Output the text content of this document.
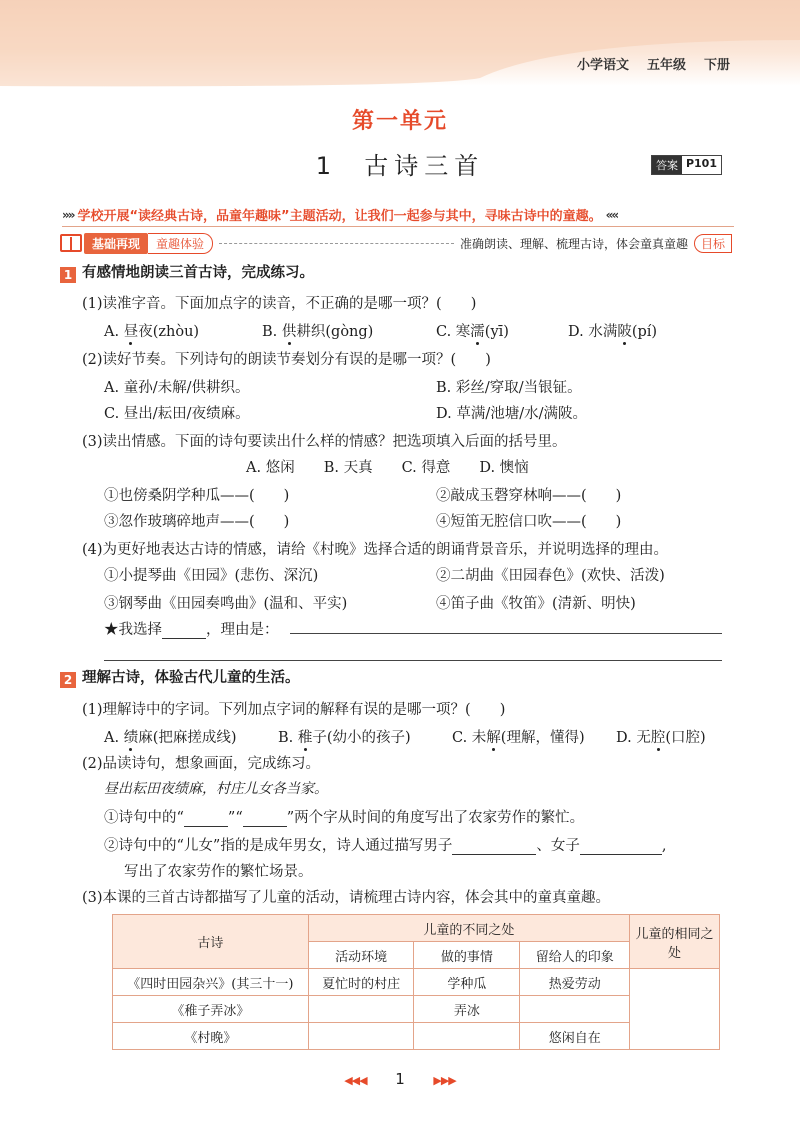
小学语文 五年级 下册
第一单元
1 古诗三首	答案 P101
»» 学校开展“读经典古诗，品童年趣味”主题活动，让我们一起参与其中，寻味古诗中的童趣。 ««
基础再现	童趣体验	准确朗读、理解、梳理古诗，体会童真童趣	目标
1 有感情地朗读三首古诗，完成练习。
(1)读准字音。下面加点字的读音，不正确的是哪一项？(　　)
A. 昼夜(zhòu)	B. 供耕织(gòng)	C. 寒濡(yī)	D. 水满陂(pí)
(2)读好节奏。下列诗句的朗读节奏划分有误的是哪一项？(　　)
A. 童孙/未解/供耕织。	B. 彩丝/穿取/当银钲。
C. 昼出/耘田/夜绩麻。	D. 草满/池塘/水/满陂。
(3)读出情感。下面的诗句要读出什么样的情感？把选项填入后面的括号里。
A. 悠闲　　B. 天真　　C. 得意　　D. 懊恼
①也傍桑阴学种瓜——(　　)	②敲成玉磬穿林响——(　　)
③忽作玻璃碎地声——(　　)	④短笛无腔信口吹——(　　)
(4)为更好地表达古诗的情感，请给《村晚》选择合适的朗诵背景音乐，并说明选择的理由。
①小提琴曲《田园》(悲伤、深沉)	②二胡曲《田园春色》(欢快、活泼)
③钢琴曲《田园奏鸣曲》(温和、平实)	④笛子曲《牧笛》(清新、明快)
★我选择	，理由是：
2 理解古诗，体验古代儿童的生活。
(1)理解诗中的字词。下列加点字词的解释有误的是哪一项？(　　)
A. 绩麻(把麻搓成线)	B. 稚子(幼小的孩子)	C. 未解(理解，懂得) D. 无腔(口腔)
(2)品读诗句，想象画面，完成练习。
昼出耘田夜绩麻，村庄儿女各当家。
①诗句中的“	”“	”两个字从时间的角度写出了农家劳作的繁忙。
②诗句中的“儿女”指的是成年男女，诗人通过描写男子	、女子	,
写出了农家劳作的繁忙场景。
(3)本课的三首古诗都描写了儿童的活动，请梳理古诗内容，体会其中的童真童趣。
古诗	儿童的不同之处			儿童的相同之处
	活动环境	做的事情	留给人的印象	
《四时田园杂兴》(其三十一)	夏忙时的村庄	学种瓜	热爱劳动	
《稚子弄冰》		弄冰		
《村晚》			悠闲自在	
◀◀◀ 1	▶▶▶
